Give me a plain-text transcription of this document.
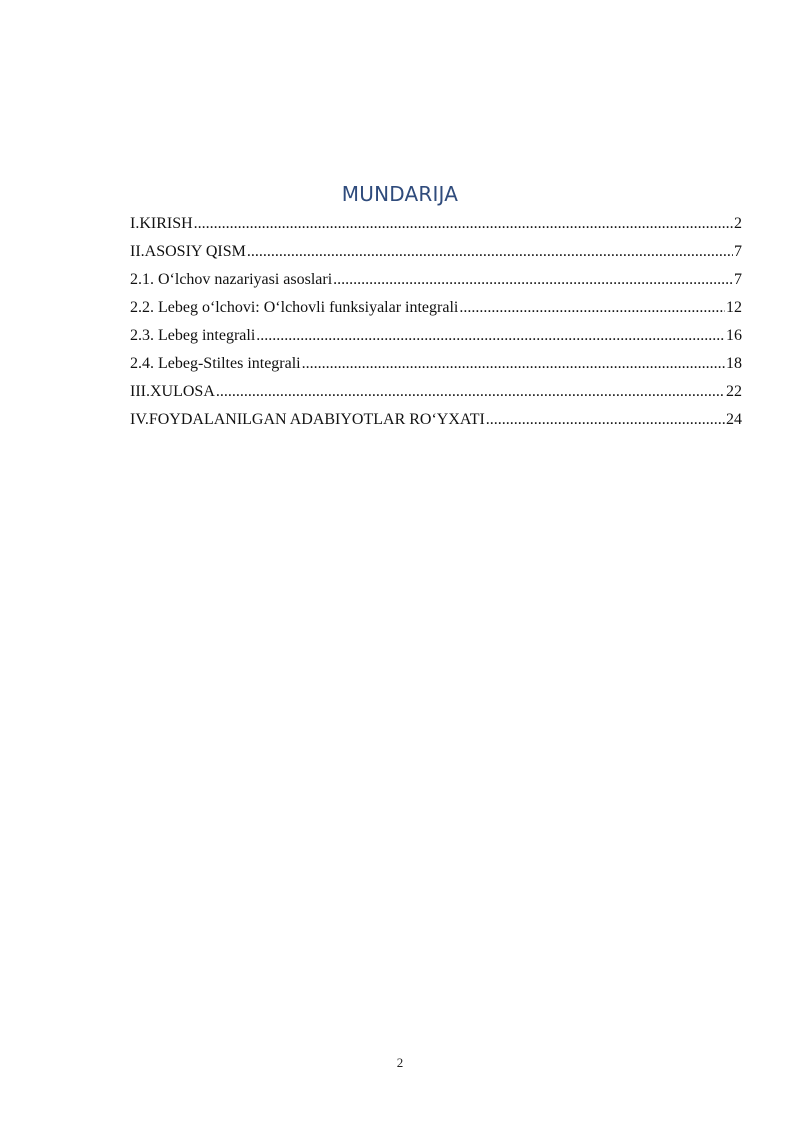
MUNDARIJA
I.KIRISH .....	2
II.ASOSIY QISM .....	7
2.1. O‘lchov nazariyasi asoslari .....	7
2.2. Lebeg o‘lchovi: O‘lchovli funksiyalar integrali .....	12
2.3. Lebeg integrali .....	16
2.4. Lebeg-Stiltes integrali .....	18
III.XULOSA .....	22
IV.FOYDALANILGAN ADABIYOTLAR RO‘YXATI .....	24
2
